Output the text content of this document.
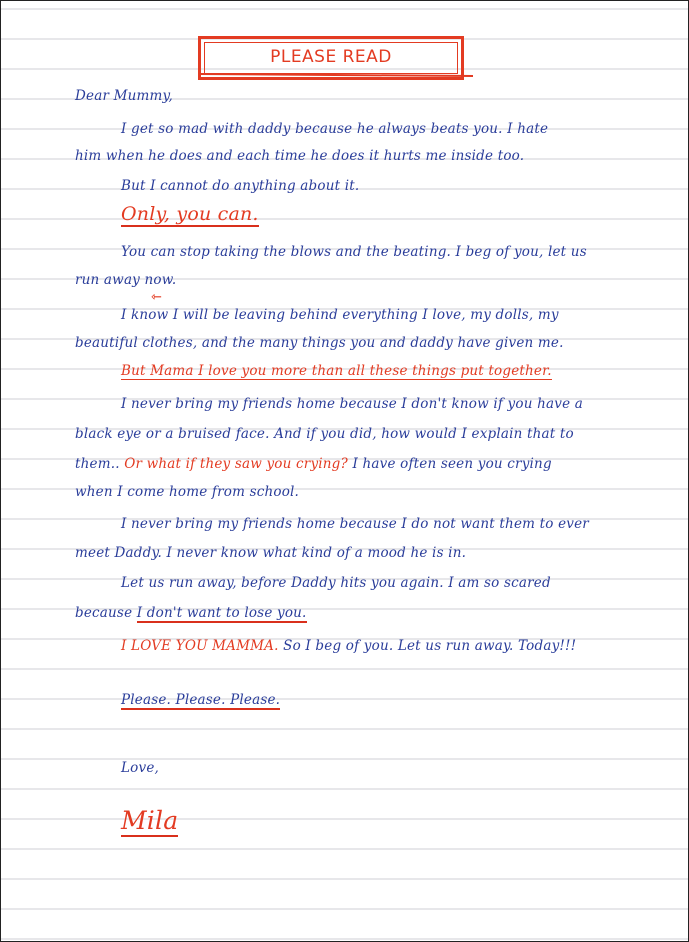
PLEASE READ
Dear Mummy,
I get so mad with daddy because he always beats you. I hate
him when he does and each time he does it hurts me inside too.
But I cannot do anything about it.
Only, you can.
You can stop taking the blows and the beating. I beg of you, let us
run away now.
⇽
I know I will be leaving behind everything I love, my dolls, my
beautiful clothes, and the many things you and daddy have given me.
But Mama I love you more than all these things put together.
I never bring my friends home because I don't know if you have a
black eye or a bruised face. And if you did, how would I explain that to
them.. Or what if they saw you crying? I have often seen you crying
when I come home from school.
I never bring my friends home because I do not want them to ever
meet Daddy. I never know what kind of a mood he is in.
Let us run away, before Daddy hits you again. I am so scared
because I don't want to lose you.
I LOVE YOU MAMMA. So I beg of you. Let us run away. Today!!!
Please. Please. Please.
Love,
Mila
